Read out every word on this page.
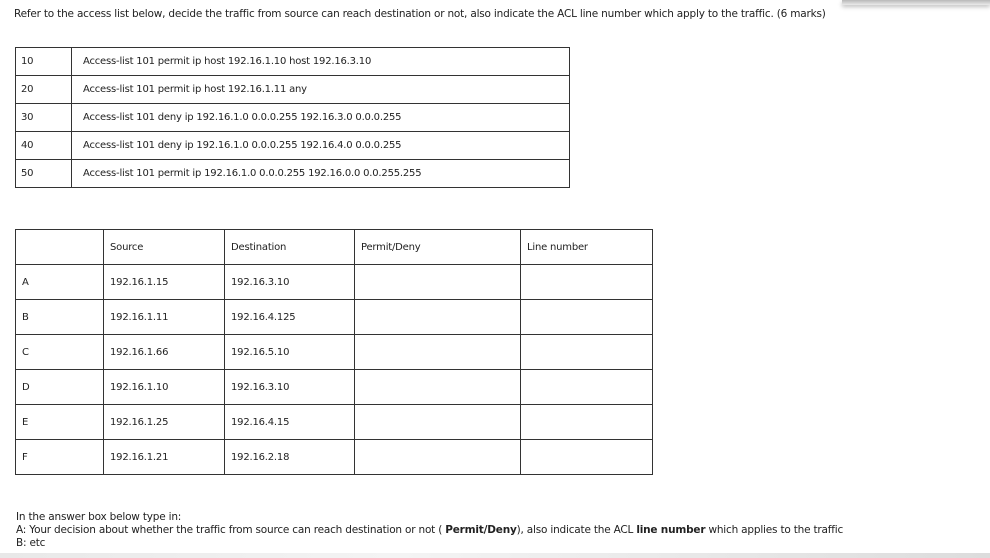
Refer to the access list below, decide the traffic from source can reach destination or not, also indicate the ACL line number which apply to the traffic. (6 marks)
10	Access-list 101 permit ip host 192.16.1.10 host 192.16.3.10
20	Access-list 101 permit ip host 192.16.1.11 any
30	Access-list 101 deny ip 192.16.1.0 0.0.0.255 192.16.3.0 0.0.0.255
40	Access-list 101 deny ip 192.16.1.0 0.0.0.255 192.16.4.0 0.0.0.255
50	Access-list 101 permit ip 192.16.1.0 0.0.0.255 192.16.0.0 0.0.255.255
	Source	Destination	Permit/Deny	Line number
A	192.16.1.15	192.16.3.10		
B	192.16.1.11	192.16.4.125		
C	192.16.1.66	192.16.5.10		
D	192.16.1.10	192.16.3.10		
E	192.16.1.25	192.16.4.15		
F	192.16.1.21	192.16.2.18		
In the answer box below type in:
A: Your decision about whether the traffic from source can reach destination or not ( Permit/Deny), also indicate the ACL line number which applies to the traffic
B: etc
